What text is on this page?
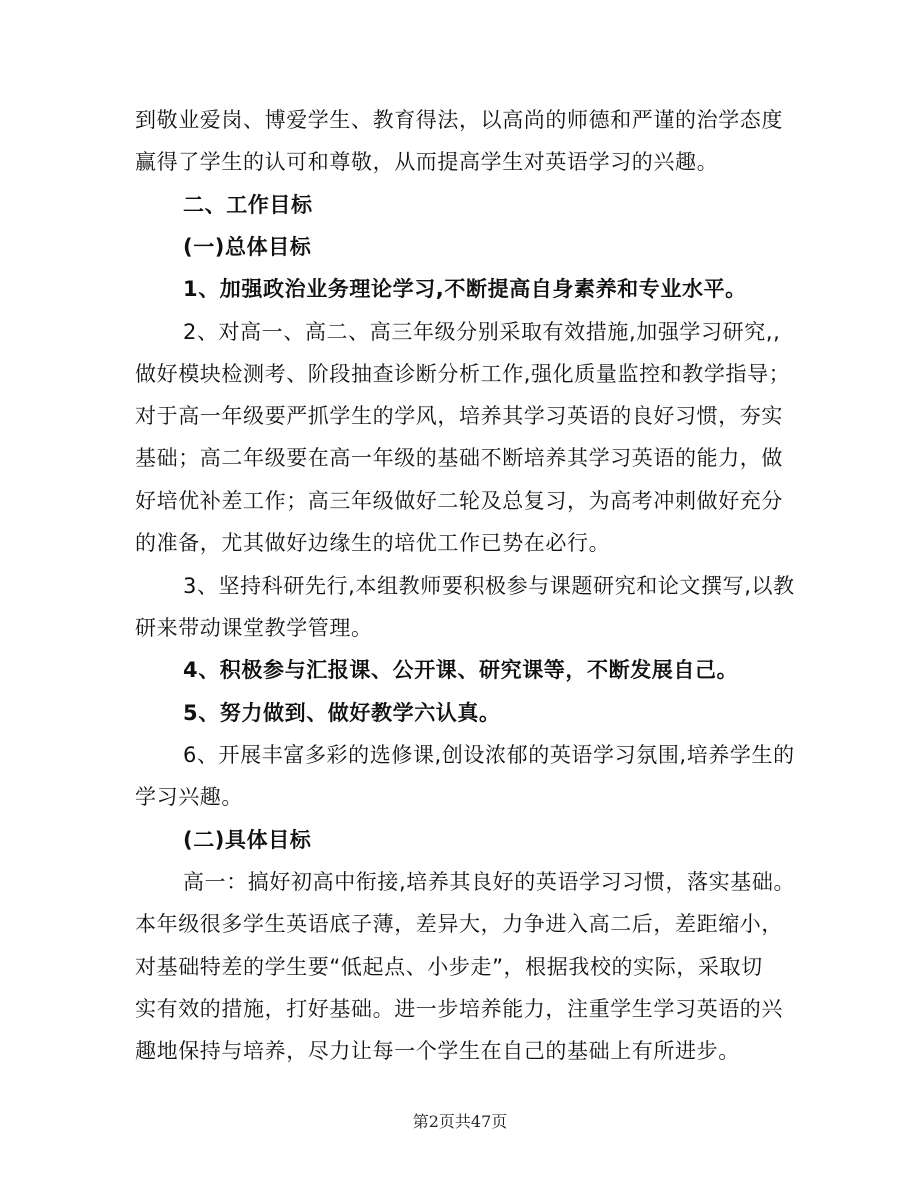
到敬业爱岗、博爱学生、教育得法，以高尚的师德和严谨的治学态度
赢得了学生的认可和尊敬，从而提高学生对英语学习的兴趣。
二、工作目标
(一)总体目标
1、加强政治业务理论学习,不断提高自身素养和专业水平。
2、对高一、高二、高三年级分别采取有效措施,加强学习研究,,
做好模块检测考、阶段抽查诊断分析工作,强化质量监控和教学指导；
对于高一年级要严抓学生的学风，培养其学习英语的良好习惯，夯实
基础；高二年级要在高一年级的基础不断培养其学习英语的能力，做
好培优补差工作；高三年级做好二轮及总复习，为高考冲刺做好充分
的准备，尤其做好边缘生的培优工作已势在必行。
3、坚持科研先行,本组教师要积极参与课题研究和论文撰写,以教
研来带动课堂教学管理。
4、积极参与汇报课、公开课、研究课等，不断发展自己。
5、努力做到、做好教学六认真。
6、开展丰富多彩的选修课,创设浓郁的英语学习氛围,培养学生的
学习兴趣。
(二)具体目标
高一：搞好初高中衔接,培养其良好的英语学习习惯，落实基础。
本年级很多学生英语底子薄，差异大，力争进入高二后，差距缩小，
对基础特差的学生要“低起点、小步走”，根据我校的实际，采取切
实有效的措施，打好基础。进一步培养能力，注重学生学习英语的兴
趣地保持与培养，尽力让每一个学生在自己的基础上有所进步。
第2页共47页
